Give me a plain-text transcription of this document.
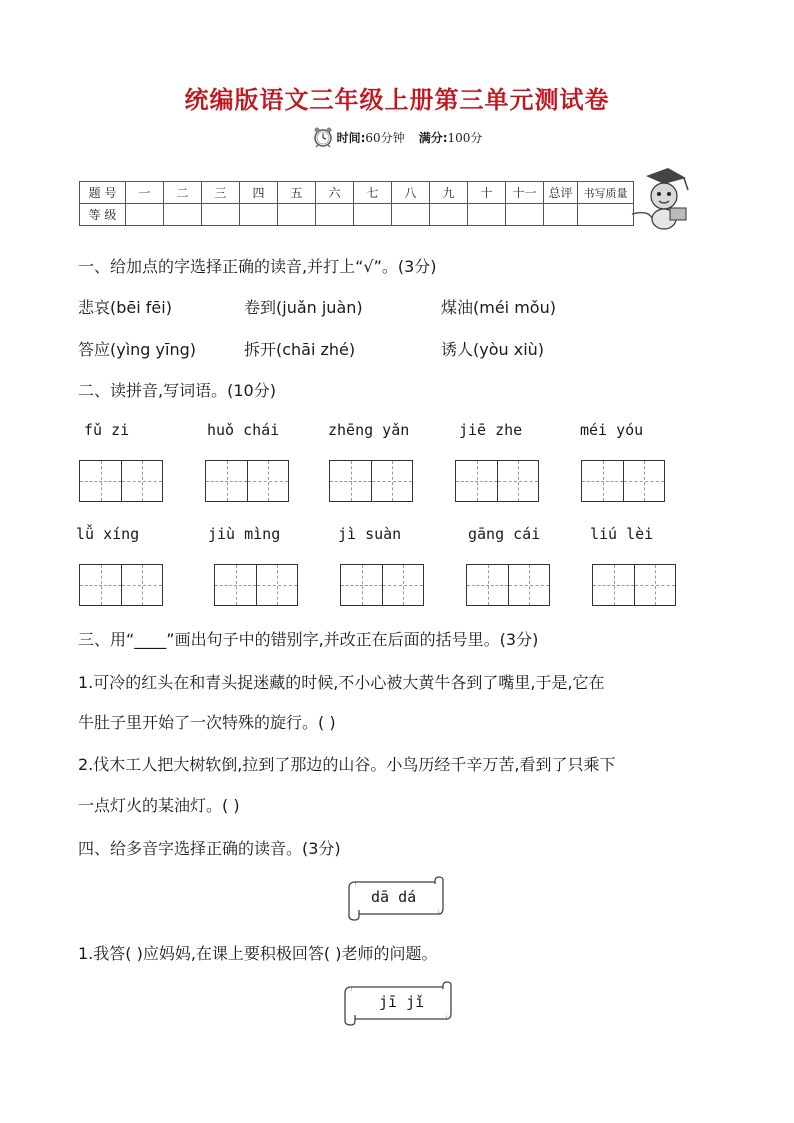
统编版语文三年级上册第三单元测试卷
时间:60分钟 满分:100分
题 号	一	二	三	四	五	六	七	八	九	十	十一	总评	书写质量
等 级													
一、给加点的字选择正确的读音,并打上“√”。(3分)
悲哀(bēi fēi)	卷到(juǎn juàn)	煤油(méi mǒu)
答应(yìng yīng)	拆开(chāi zhé)	诱人(yòu xiù)
二、读拼音,写词语。(10分)
fǔ zi	huǒ chái	zhēng yǎn	jiē zhe	méi yóu
lǚ xíng	jiù mìng	jì suàn	gāng cái	liú lèi
三、用“____”画出句子中的错别字,并改正在后面的括号里。(3分)
1.可冷的红头在和青头捉迷藏的时候,不小心被大黄牛各到了嘴里,于是,它在
牛肚子里开始了一次特殊的旋行。( )
2.伐木工人把大树软倒,拉到了那边的山谷。小鸟历经千辛万苦,看到了只乘下
一点灯火的某油灯。( )
四、给多音字选择正确的读音。(3分)
dā dá
1.我答( )应妈妈,在课上要积极回答( )老师的问题。
jī jǐ
